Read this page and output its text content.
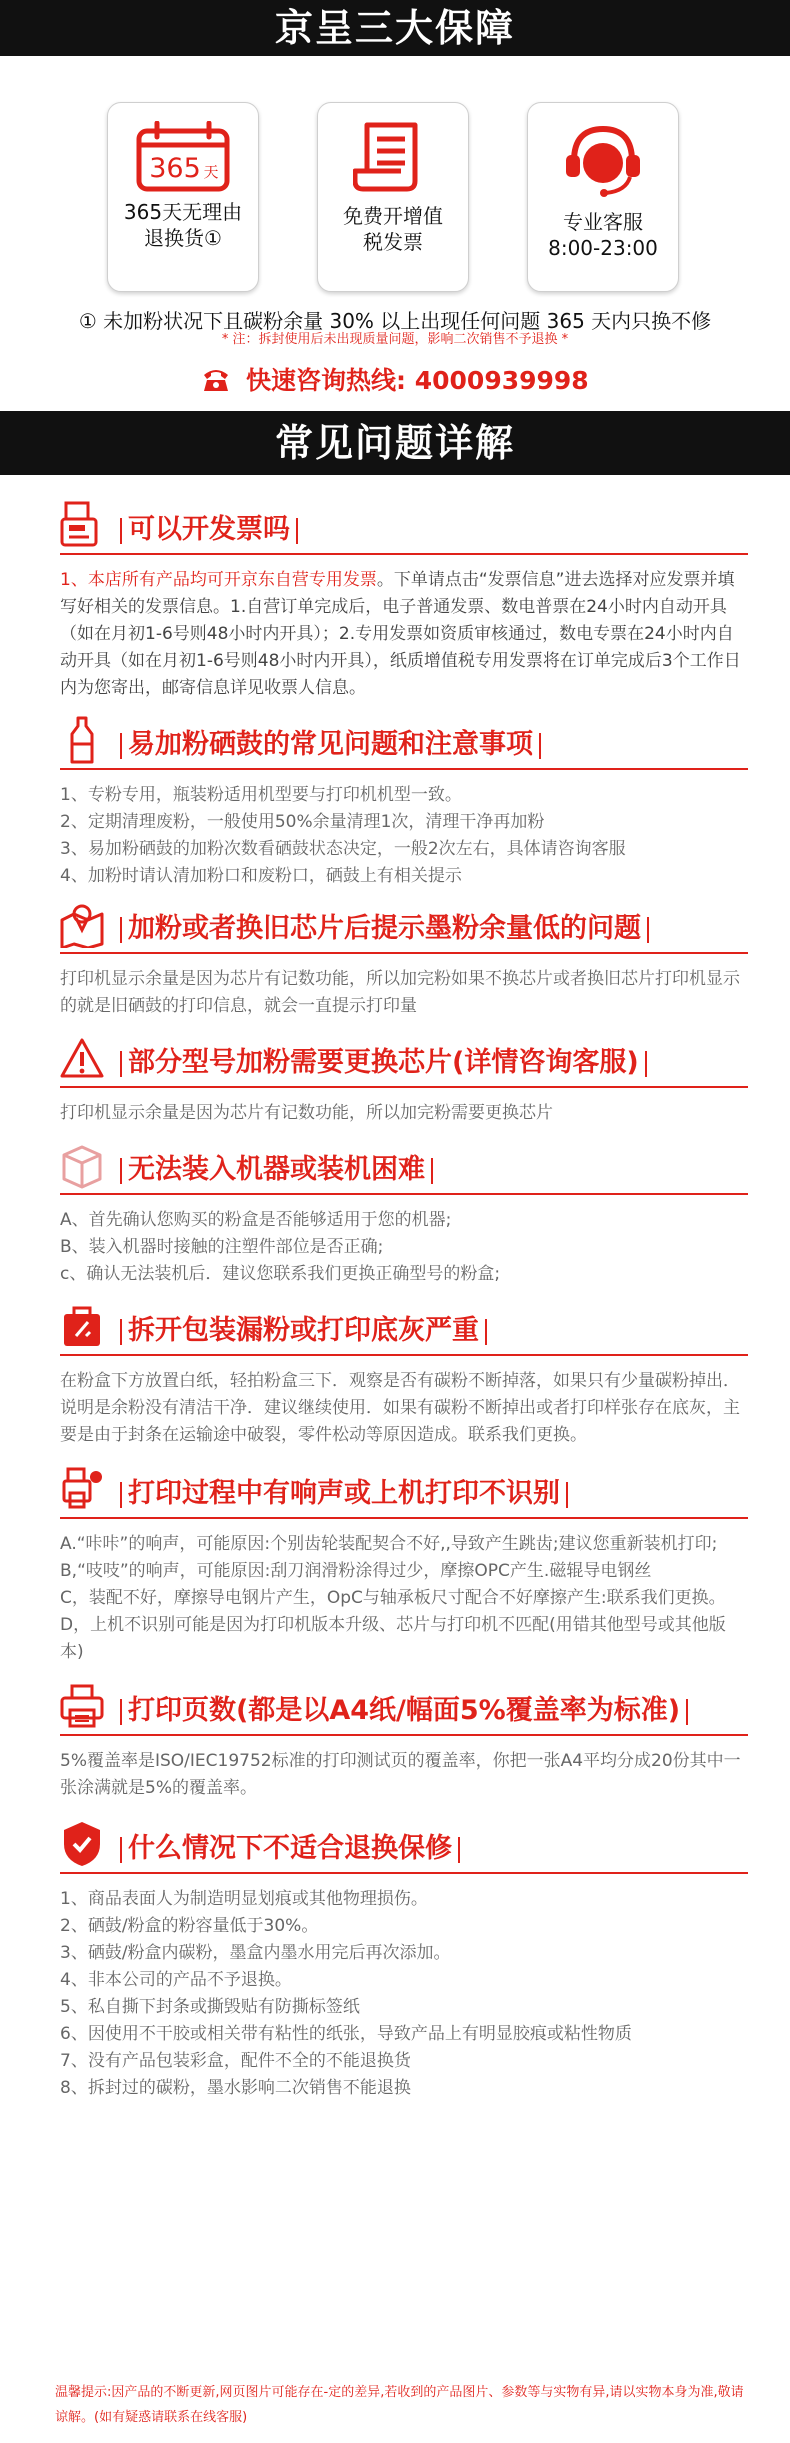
京呈三大保障
365 天
365天无理由
退换货①
免费开增值
税发票
专业客服
8:00-23:00
① 未加粉状况下且碳粉余量 30% 以上出现任何问题 365 天内只换不修
* 注：拆封使用后未出现质量问题，影响二次销售不予退换 *
快速咨询热线: 4000939998
常见问题详解
可以开发票吗

1、本店所有产品均可开京东自营专用发票。下单请点击“发票信息”进去选择对应发票并填写好相关的发票信息。1.自营订单完成后，电子普通发票、数电普票在24小时内自动开具（如在月初1-6号则48小时内开具）；2.专用发票如资质审核通过，数电专票在24小时内自动开具（如在月初1-6号则48小时内开具），纸质增值税专用发票将在订单完成后3个工作日内为您寄出，邮寄信息详见收票人信息。

易加粉硒鼓的常见问题和注意事项

1、专粉专用，瓶装粉适用机型要与打印机机型一致。

2、定期清理废粉，一般使用50%余量清理1次，清理干净再加粉

3、易加粉硒鼓的加粉次数看硒鼓状态决定，一般2次左右，具体请咨询客服

4、加粉时请认清加粉口和废粉口，硒鼓上有相关提示

加粉或者换旧芯片后提示墨粉余量低的问题

打印机显示余量是因为芯片有记数功能，所以加完粉如果不换芯片或者换旧芯片打印机显示的就是旧硒鼓的打印信息，就会一直提示打印量

部分型号加粉需要更换芯片(详情咨询客服)

打印机显示余量是因为芯片有记数功能，所以加完粉需要更换芯片

无法装入机器或装机困难

A、首先确认您购买的粉盒是否能够适用于您的机器;

B、装入机器时接触的注塑件部位是否正确;

c、确认无法装机后．建议您联系我们更换正确型号的粉盒;

拆开包装漏粉或打印底灰严重

在粉盒下方放置白纸，轻拍粉盒三下．观察是否有碳粉不断掉落，如果只有少量碳粉掉出．说明是余粉没有清洁干净．建议继续使用．如果有碳粉不断掉出或者打印样张存在底灰，主要是由于封条在运输途中破裂，零件松动等原因造成。联系我们更换。

打印过程中有响声或上机打印不识别

A.“咔咔”的响声，可能原因:个别齿轮装配契合不好,,导致产生跳齿;建议您重新装机打印;

B,“吱吱”的响声，可能原因:刮刀润滑粉涂得过少，摩擦OPC产生.磁辊导电钢丝

C，装配不好，摩擦导电钢片产生，OpC与轴承板尺寸配合不好摩擦产生:联系我们更换。

D，上机不识别可能是因为打印机版本升级、芯片与打印机不匹配(用错其他型号或其他版本)

打印页数(都是以A4纸/幅面5%覆盖率为标准)

5%覆盖率是ISO/IEC19752标准的打印测试页的覆盖率，你把一张A4平均分成20份其中一张涂满就是5%的覆盖率。

什么情况下不适合退换保修

1、商品表面人为制造明显划痕或其他物理损伤。

2、硒鼓/粉盒的粉容量低于30%。

3、硒鼓/粉盒内碳粉，墨盒内墨水用完后再次添加。

4、非本公司的产品不予退换。

5、私自撕下封条或撕毁贴有防撕标签纸

6、因使用不干胶或相关带有粘性的纸张，导致产品上有明显胶痕或粘性物质

7、没有产品包装彩盒，配件不全的不能退换货

8、拆封过的碳粉，墨水影响二次销售不能退换

温馨提示:因产品的不断更新,网页图片可能存在-定的差异,若收到的产品图片、参数等与实物有异,请以实物本身为准,敬请谅解。(如有疑惑请联系在线客服)
